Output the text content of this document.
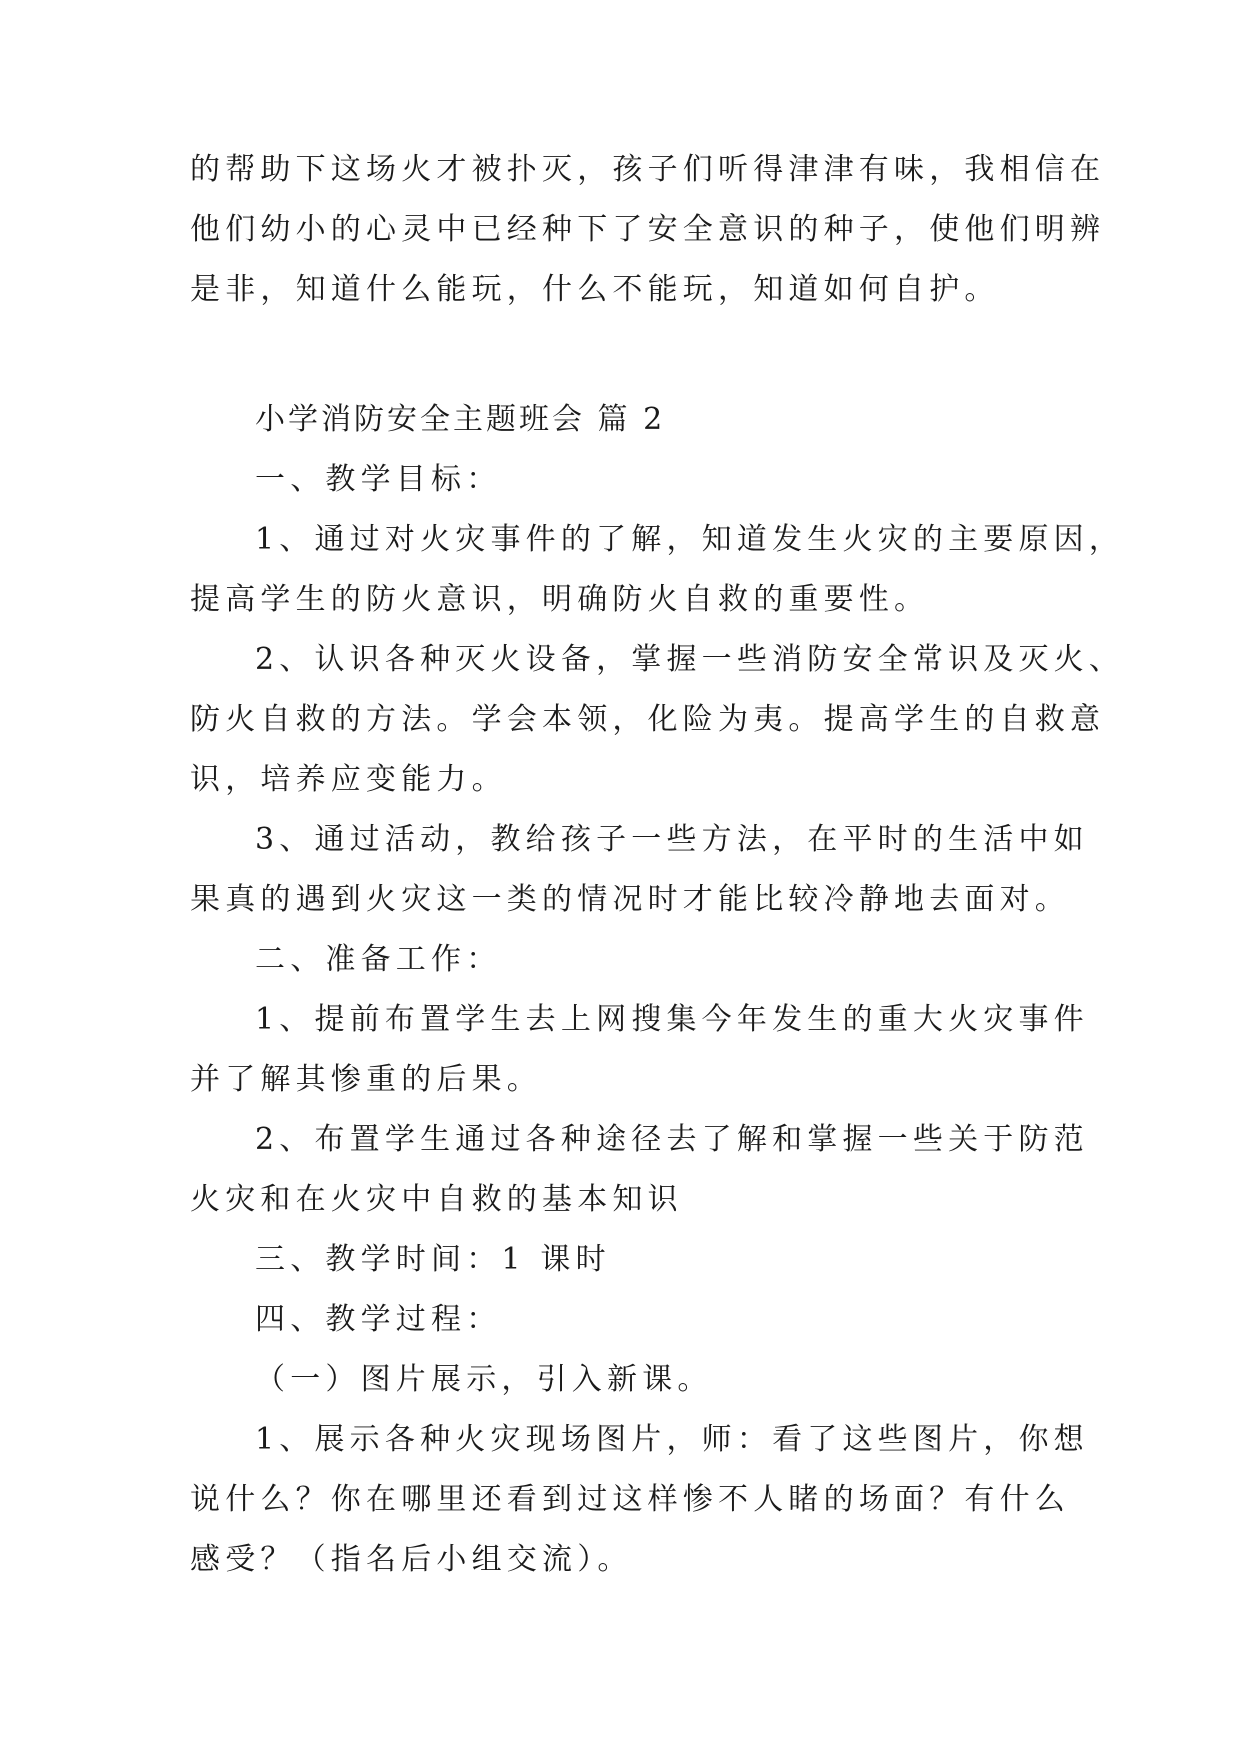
的帮助下这场火才被扑灭，孩子们听得津津有味，我相信在
他们幼小的心灵中已经种下了安全意识的种子，使他们明辨
是非，知道什么能玩，什么不能玩，知道如何自护。
小学消防安全主题班会 篇 2
一、教学目标：
1、通过对火灾事件的了解，知道发生火灾的主要原因，
提高学生的防火意识，明确防火自救的重要性。
2、认识各种灭火设备，掌握一些消防安全常识及灭火、
防火自救的方法。学会本领，化险为夷。提高学生的自救意
识，培养应变能力。
3、通过活动，教给孩子一些方法，在平时的生活中如
果真的遇到火灾这一类的情况时才能比较冷静地去面对。
二、准备工作：
1、提前布置学生去上网搜集今年发生的重大火灾事件
并了解其惨重的后果。
2、布置学生通过各种途径去了解和掌握一些关于防范
火灾和在火灾中自救的基本知识
三、教学时间：1 课时
四、教学过程：
（一）图片展示，引入新课。
1、展示各种火灾现场图片，师：看了这些图片，你想
说什么？你在哪里还看到过这样惨不人睹的场面？有什么
感受？（指名后小组交流）。
